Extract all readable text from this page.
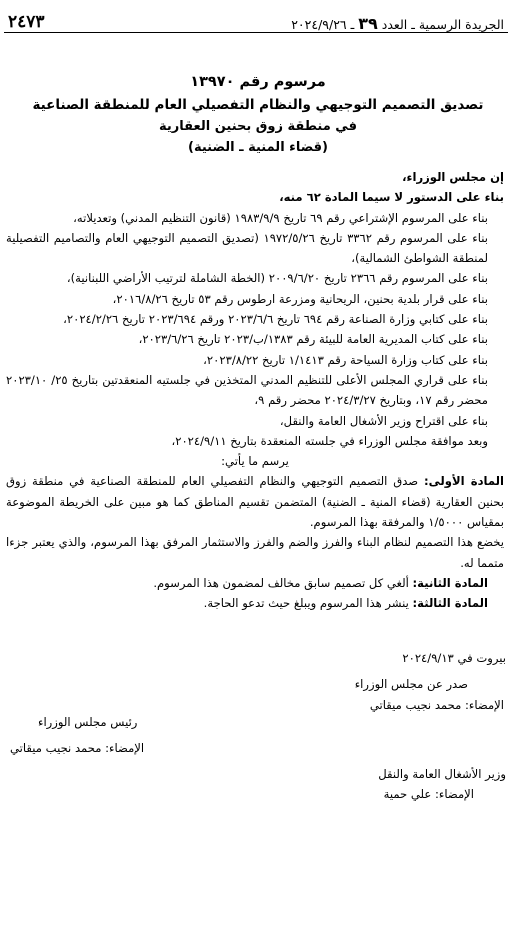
٢٤٧٣	الجريدة الرسمية ـ العدد ٣٩ ـ ٢٠٢٤/٩/٢٦
مرسوم رقم ١٣٩٧٠
تصديق التصميم التوجيهي والنظام التفصيلي العام للمنطقة الصناعية
في منطقة زوق بحنين العقارية
(قضاء المنية ـ الضنية)

إن مجلس الوزراء،

بناء على الدستور لا سيما المادة ٦٢ منه،

بناء على المرسوم الإشتراعي رقم ٦٩ تاريخ ١٩٨٣/٩/٩ (قانون التنظيم المدني) وتعديلاته،

بناء على المرسوم رقم ٣٣٦٢ تاريخ ١٩٧٢/٥/٢٦ (تصديق التصميم التوجيهي العام والتصاميم التفصيلية لمنطقة الشواطئ الشمالية)،

بناء على المرسوم رقم ٢٣٦٦ تاريخ ٢٠٠٩/٦/٢٠ (الخطة الشاملة لترتيب الأراضي اللبنانية)،

بناء على قرار بلدية بحنين، الريحانية ومزرعة ارطوس رقم ٥٣ تاريخ ٢٠١٦/٨/٢٦،

بناء على كتابي وزارة الصناعة رقم ٦٩٤ تاريخ ٢٠٢٣/٦/٦ ورقم ٢٠٢٣/٦٩٤ تاريخ ٢٠٢٤/٢/٢٦،

بناء على كتاب المديرية العامة للبيئة رقم ١٣٨٣/ب/٢٠٢٣ تاريخ ٢٠٢٣/٦/٢٦،

بناء على كتاب وزارة السياحة رقم ١/١٤١٣ تاريخ ٢٠٢٣/٨/٢٢،

بناء على قراري المجلس الأعلى للتنظيم المدني المتخذين في جلستيه المنعقدتين بتاريخ ٢٥/ ٢٠٢٣/١٠ محضر رقم ١٧، وبتاريخ ٢٠٢٤/٣/٢٧ محضر رقم ٩،

بناء على اقتراح وزير الأشغال العامة والنقل،

وبعد موافقة مجلس الوزراء في جلسته المنعقدة بتاريخ ٢٠٢٤/٩/١١،

يرسم ما يأتي:

المادة الأولى: صدق التصميم التوجيهي والنظام التفصيلي العام للمنطقة الصناعية في منطقة زوق بحنين العقارية (قضاء المنية ـ الضنية) المتضمن تقسيم المناطق كما هو مبين على الخريطة الموضوعة بمقياس ١/٥٠٠٠ والمرفقة بهذا المرسوم.

يخضع هذا التصميم لنظام البناء والفرز والضم والفرز والاستثمار المرفق بهذا المرسوم، والذي يعتبر جزءا متمما له.

المادة الثانية: ألغي كل تصميم سابق مخالف لمضمون هذا المرسوم.

المادة الثالثة: ينشر هذا المرسوم ويبلغ حيث تدعو الحاجة.

بيروت في ٢٠٢٤/٩/١٣
صدر عن مجلس الوزراء
الإمضاء: محمد نجيب ميقاتي
رئيس مجلس الوزراء
الإمضاء: محمد نجيب ميقاتي
وزير الأشغال العامة والنقل
الإمضاء: علي حمية
